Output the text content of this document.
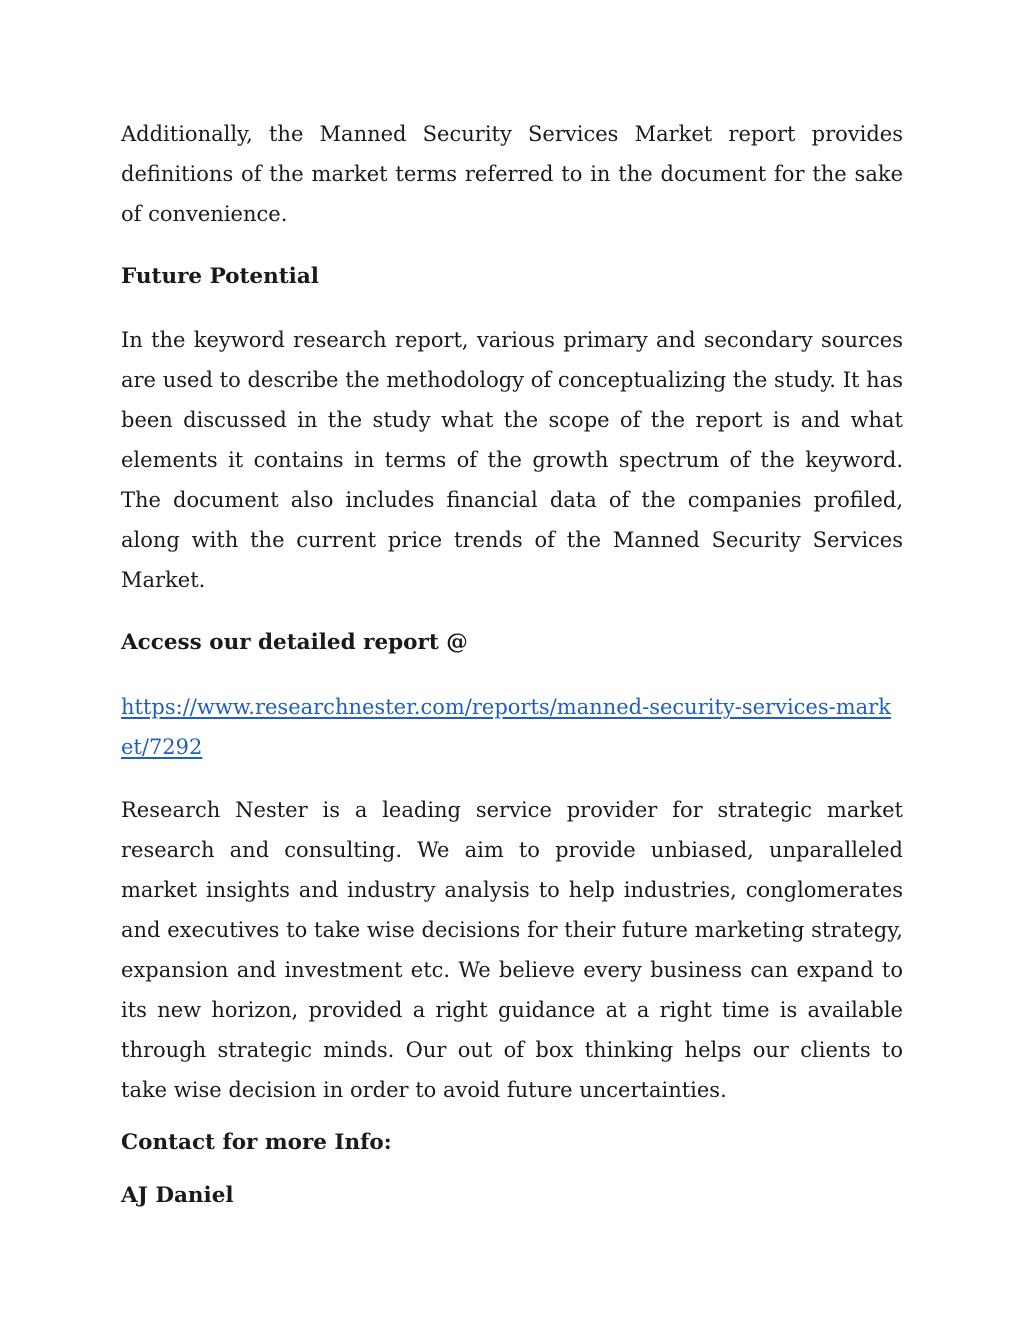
Additionally, the Manned Security Services Market report provides definitions of the market terms referred to in the document for the sake of convenience.

Future Potential

In the keyword research report, various primary and secondary sources are used to describe the methodology of conceptualizing the study. It has been discussed in the study what the scope of the report is and what elements it contains in terms of the growth spectrum of the keyword. The document also includes financial data of the companies profiled, along with the current price trends of the Manned Security Services Market.

Access our detailed report @

https://www.researchnester.com/reports/manned-security-services-market/7292

Research Nester is a leading service provider for strategic market research and consulting. We aim to provide unbiased, unparalleled market insights and industry analysis to help industries, conglomerates and executives to take wise decisions for their future marketing strategy, expansion and investment etc. We believe every business can expand to its new horizon, provided a right guidance at a right time is available through strategic minds. Our out of box thinking helps our clients to take wise decision in order to avoid future uncertainties.

Contact for more Info:
AJ Daniel
